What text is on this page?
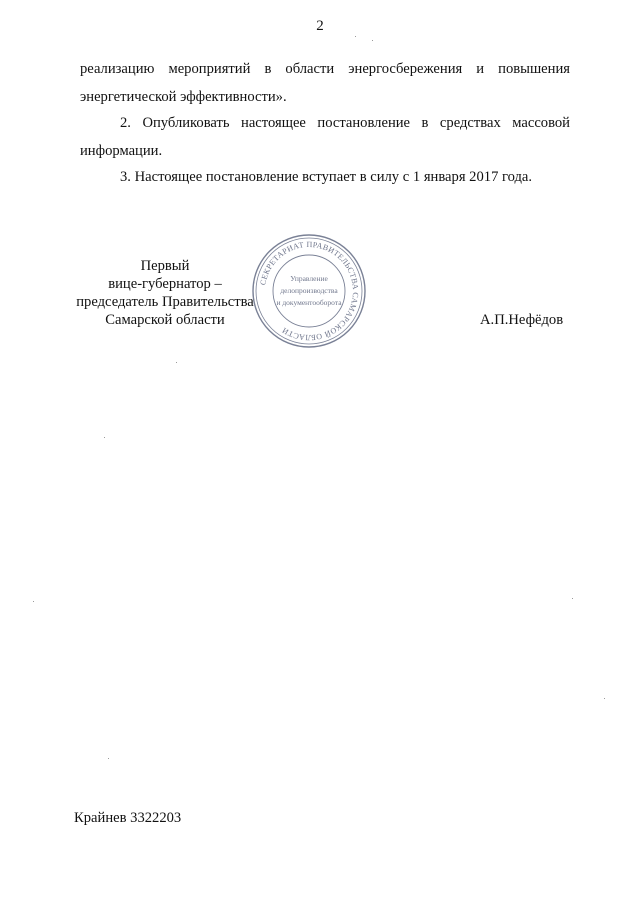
2

реализацию мероприятий в области энергосбережения и повышения энергетической эффективности».

2. Опубликовать настоящее постановление в средствах массовой информации.

3. Настоящее постановление вступает в силу с 1 января 2017 года.

Первый
вице-губернатор –
председатель Правительства
Самарской области	А.П.Нефёдов
СЕКРЕТАРИАТ ПРАВИТЕЛЬСТВА САМАРСКОЙ ОБЛАСТИ
Управление
делопроизводства
и документооборота
Крайнев 3322203
